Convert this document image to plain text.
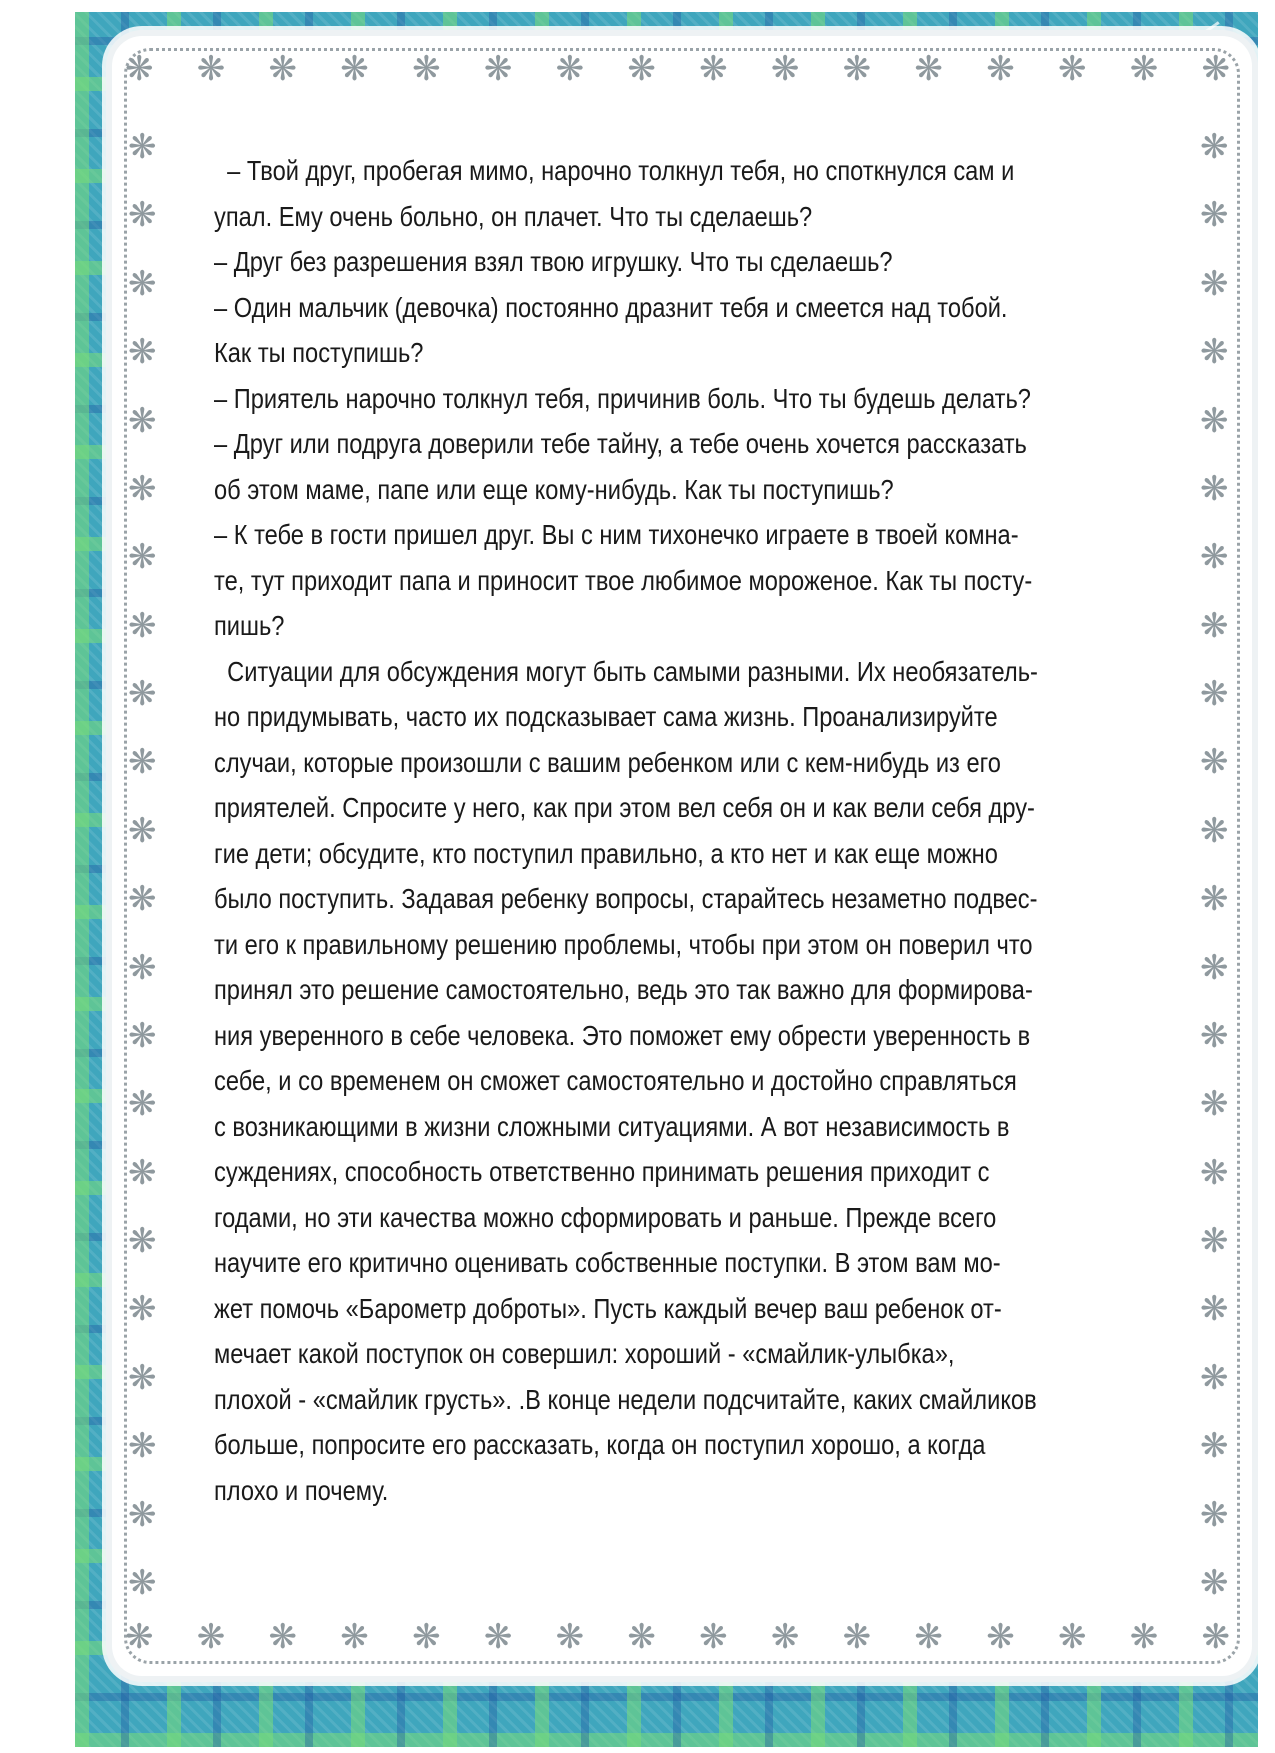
❋ ❋ ❋ ❋ ❋ ❋ ❋ ❋ ❋ ❋ ❋ ❋ ❋ ❋ ❋ ❋
❋ ❋ ❋ ❋ ❋ ❋ ❋ ❋ ❋ ❋ ❋ ❋ ❋ ❋ ❋ ❋
❋
❋
❋
❋
❋
❋
❋
❋
❋
❋
❋
❋
❋
❋
❋
❋
❋
❋
❋
❋
❋
❋
❋
❋
❋
❋
❋
❋
❋
❋
❋
❋
❋
❋
❋
❋
❋
❋
❋
❋
❋
❋
❋
❋

– Твой друг, пробегая мимо, нарочно толкнул тебя, но споткнулся сам и
упал. Ему очень больно, он плачет. Что ты сделаешь?

– Друг без разрешения взял твою игрушку. Что ты сделаешь?

– Один мальчик (девочка) постоянно дразнит тебя и смеется над тобой.
Как ты поступишь?

– Приятель нарочно толкнул тебя, причинив боль. Что ты будешь делать?

– Друг или подруга доверили тебе тайну, а тебе очень хочется рассказать
об этом маме, папе или еще кому-нибудь. Как ты поступишь?

– К тебе в гости пришел друг. Вы с ним тихонечко играете в твоей комна-
те, тут приходит папа и приносит твое любимое мороженое. Как ты посту-
пишь?

Ситуации для обсуждения могут быть самыми разными. Их необязатель-
но придумывать, часто их подсказывает сама жизнь. Проанализируйте
случаи, которые произошли с вашим ребенком или с кем-нибудь из его
приятелей. Спросите у него, как при этом вел себя он и как вели себя дру-
гие дети; обсудите, кто поступил правильно, а кто нет и как еще можно
было поступить. Задавая ребенку вопросы, старайтесь незаметно подвес-
ти его к правильному решению проблемы, чтобы при этом он поверил что
принял это решение самостоятельно, ведь это так важно для формирова-
ния уверенного в себе человека. Это поможет ему обрести уверенность в
себе, и со временем он сможет самостоятельно и достойно справляться
с возникающими в жизни сложными ситуациями. А вот независимость в
суждениях, способность ответственно принимать решения приходит с
годами, но эти качества можно сформировать и раньше. Прежде всего
научите его критично оценивать собственные поступки. В этом вам мо-
жет помочь «Барометр доброты». Пусть каждый вечер ваш ребенок от-
мечает какой поступок он совершил: хороший - «смайлик-улыбка»,
плохой - «смайлик грусть». .В конце недели подсчитайте, каких смайликов
больше, попросите его рассказать, когда он поступил хорошо, а когда
плохо и почему.
